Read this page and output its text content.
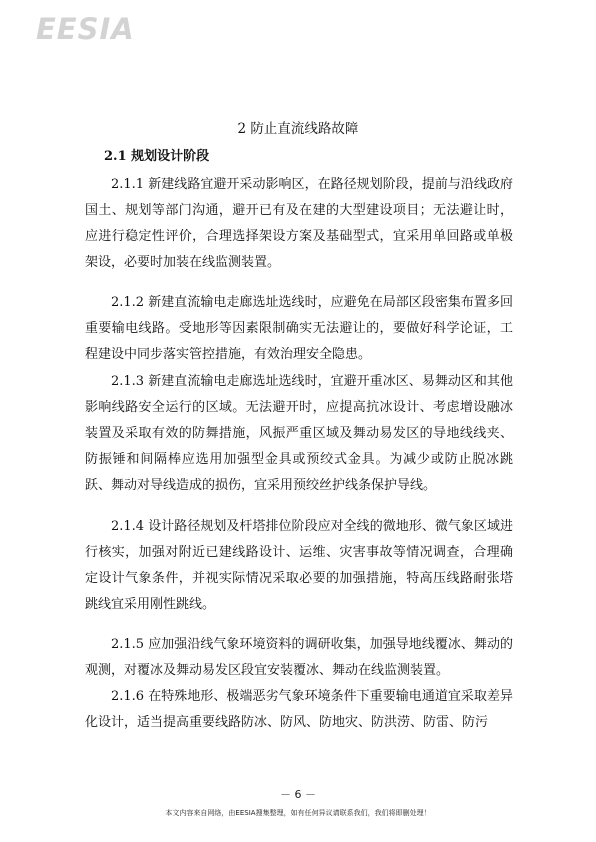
EESIA
2 防止直流线路故障
2.1 规划设计阶段

2.1.1 新建线路宜避开采动影响区，在路径规划阶段，提前与沿线政府国土、规划等部门沟通，避开已有及在建的大型建设项目；无法避让时，应进行稳定性评价，合理选择架设方案及基础型式，宜采用单回路或单极架设，必要时加装在线监测装置。

2.1.2 新建直流输电走廊选址选线时，应避免在局部区段密集布置多回重要输电线路。受地形等因素限制确实无法避让的，要做好科学论证，工程建设中同步落实管控措施，有效治理安全隐患。

2.1.3 新建直流输电走廊选址选线时，宜避开重冰区、易舞动区和其他影响线路安全运行的区域。无法避开时，应提高抗冰设计、考虑增设融冰装置及采取有效的防舞措施，风振严重区域及舞动易发区的导地线线夹、防振锤和间隔棒应选用加强型金具或预绞式金具。为减少或防止脱冰跳跃、舞动对导线造成的损伤，宜采用预绞丝护线条保护导线。

2.1.4 设计路径规划及杆塔排位阶段应对全线的微地形、微气象区域进行核实，加强对附近已建线路设计、运维、灾害事故等情况调查，合理确定设计气象条件，并视实际情况采取必要的加强措施，特高压线路耐张塔跳线宜采用刚性跳线。

2.1.5 应加强沿线气象环境资料的调研收集，加强导地线覆冰、舞动的观测，对覆冰及舞动易发区段宜安装覆冰、舞动在线监测装置。

2.1.6 在特殊地形、极端恶劣气象环境条件下重要输电通道宜采取差异化设计，适当提高重要线路防冰、防风、防地灾、防洪涝、防雷、防污

－ 6 －
本文内容来自网络，由EESIA搜集整理，如有任何异议请联系我们，我们将即删处理！
